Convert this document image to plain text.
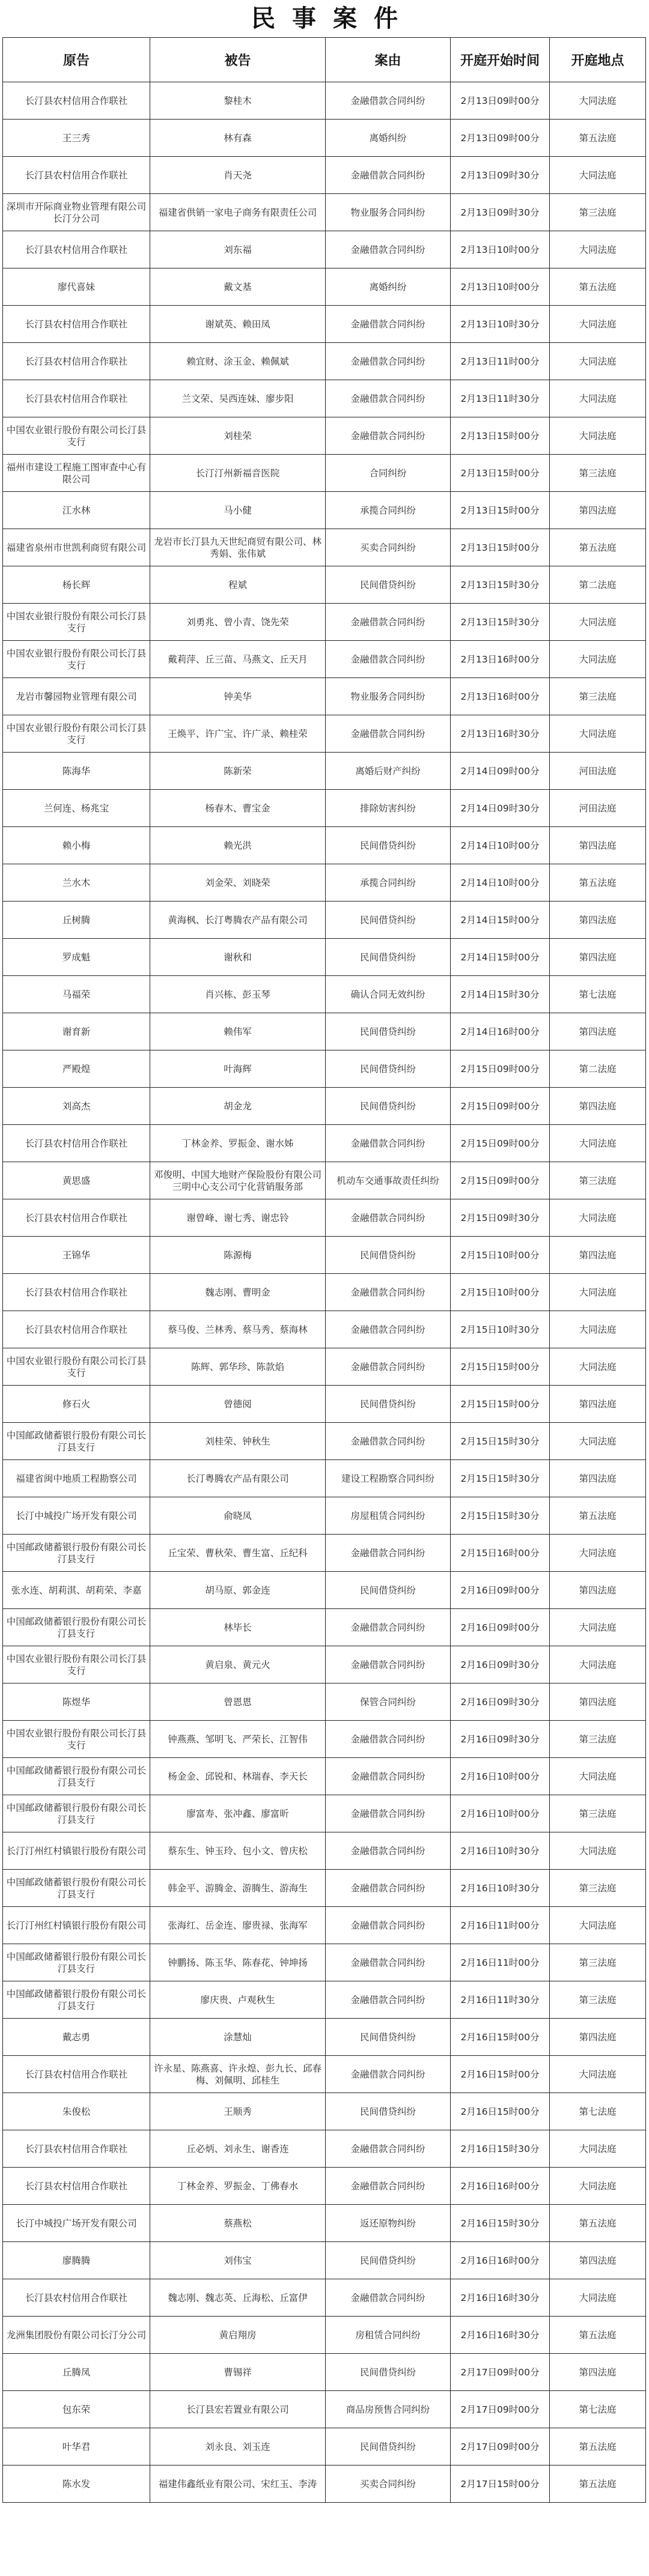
民事案件
原告	被告	案由	开庭开始时间	开庭地点
长汀县农村信用合作联社	黎桂木	金融借款合同纠纷	2月13日09时00分	大同法庭
王三秀	林有森	离婚纠纷	2月13日09时00分	第五法庭
长汀县农村信用合作联社	肖天尧	金融借款合同纠纷	2月13日09时30分	大同法庭
深圳市开际商业物业管理有限公司长汀分公司	福建省供销一家电子商务有限责任公司	物业服务合同纠纷	2月13日09时30分	第三法庭
长汀县农村信用合作联社	刘东福	金融借款合同纠纷	2月13日10时00分	大同法庭
廖代喜妹	戴文基	离婚纠纷	2月13日10时00分	第五法庭
长汀县农村信用合作联社	谢斌英、赖田凤	金融借款合同纠纷	2月13日10时30分	大同法庭
长汀县农村信用合作联社	赖宜财、涂玉金、赖佩斌	金融借款合同纠纷	2月13日11时00分	大同法庭
长汀县农村信用合作联社	兰文荣、吴西连妹、廖步阳	金融借款合同纠纷	2月13日11时30分	大同法庭
中国农业银行股份有限公司长汀县支行	刘桂荣	金融借款合同纠纷	2月13日15时00分	大同法庭
福州市建设工程施工图审查中心有限公司	长汀汀州新福音医院	合同纠纷	2月13日15时00分	第三法庭
江水林	马小健	承揽合同纠纷	2月13日15时00分	第四法庭
福建省泉州市世凯利商贸有限公司	龙岩市长汀县九天世纪商贸有限公司、林秀娟、张伟斌	买卖合同纠纷	2月13日15时00分	第五法庭
杨长辉	程斌	民间借贷纠纷	2月13日15时30分	第二法庭
中国农业银行股份有限公司长汀县支行	刘勇兆、曾小青、饶先荣	金融借款合同纠纷	2月13日15时30分	大同法庭
中国农业银行股份有限公司长汀县支行	戴莉萍、丘三苗、马燕文、丘天月	金融借款合同纠纷	2月13日16时00分	大同法庭
龙岩市馨园物业管理有限公司	钟美华	物业服务合同纠纷	2月13日16时00分	第三法庭
中国农业银行股份有限公司长汀县支行	王焕平、许广宝、许广录、赖桂荣	金融借款合同纠纷	2月13日16时30分	大同法庭
陈海华	陈新荣	离婚后财产纠纷	2月14日09时00分	河田法庭
兰何连、杨兆宝	杨春木、曹宝金	排除妨害纠纷	2月14日09时30分	河田法庭
赖小梅	赖光洪	民间借贷纠纷	2月14日10时00分	第四法庭
兰水木	刘金荣、刘晓荣	承揽合同纠纷	2月14日10时00分	第五法庭
丘树腾	黄海枫、长汀粤腾农产品有限公司	民间借贷纠纷	2月14日15时00分	第四法庭
罗成魁	谢秋和	民间借贷纠纷	2月14日15时00分	第四法庭
马福荣	肖兴栋、彭玉琴	确认合同无效纠纷	2月14日15时30分	第七法庭
谢育新	赖伟军	民间借贷纠纷	2月14日16时00分	第四法庭
严殿煌	叶海辉	民间借贷纠纷	2月15日09时00分	第二法庭
刘高杰	胡金龙	民间借贷纠纷	2月15日09时00分	第四法庭
长汀县农村信用合作联社	丁林金养、罗振金、谢水姊	金融借款合同纠纷	2月15日09时00分	大同法庭
黄思盛	邓俊明、中国大地财产保险股份有限公司三明中心支公司宁化营销服务部	机动车交通事故责任纠纷	2月15日09时00分	第三法庭
长汀县农村信用合作联社	谢曾峰、谢七秀、谢忠铃	金融借款合同纠纷	2月15日09时30分	大同法庭
王锦华	陈源梅	民间借贷纠纷	2月15日10时00分	第四法庭
长汀县农村信用合作联社	魏志刚、曹明金	金融借款合同纠纷	2月15日10时00分	大同法庭
长汀县农村信用合作联社	蔡马俊、兰林秀、蔡马秀、蔡海林	金融借款合同纠纷	2月15日10时30分	大同法庭
中国农业银行股份有限公司长汀县支行	陈辉、郭华珍、陈款焰	金融借款合同纠纷	2月15日15时00分	大同法庭
修石火	曾德阅	民间借贷纠纷	2月15日15时00分	第四法庭
中国邮政储蓄银行股份有限公司长汀县支行	刘桂荣、钟秋生	金融借款合同纠纷	2月15日15时30分	大同法庭
福建省闽中地质工程勘察公司	长汀粤腾农产品有限公司	建设工程勘察合同纠纷	2月15日15时30分	第四法庭
长汀中城投广场开发有限公司	俞晓凤	房屋租赁合同纠纷	2月15日15时30分	第五法庭
中国邮政储蓄银行股份有限公司长汀县支行	丘宝荣、曹秋荣、曹生富、丘纪科	金融借款合同纠纷	2月15日16时00分	大同法庭
张水连、胡莉淇、胡莉荣、李嘉	胡马原、郭金连	民间借贷纠纷	2月16日09时00分	第四法庭
中国邮政储蓄银行股份有限公司长汀县支行	林毕长	金融借款合同纠纷	2月16日09时00分	大同法庭
中国农业银行股份有限公司长汀县支行	黄启泉、黄元火	金融借款合同纠纷	2月16日09时30分	大同法庭
陈煜华	曾恩恩	保管合同纠纷	2月16日09时30分	第四法庭
中国农业银行股份有限公司长汀县支行	钟燕燕、邹明飞、严荣长、江智伟	金融借款合同纠纷	2月16日09时30分	第三法庭
中国邮政储蓄银行股份有限公司长汀县支行	杨金金、邱锐和、林瑞春、李天长	金融借款合同纠纷	2月16日10时00分	大同法庭
中国邮政储蓄银行股份有限公司长汀县支行	廖富寿、张冲鑫、廖富昕	金融借款合同纠纷	2月16日10时00分	第三法庭
长汀汀州红村镇银行股份有限公司	蔡东生、钟玉玲、包小文、曾庆松	金融借款合同纠纷	2月16日10时30分	大同法庭
中国邮政储蓄银行股份有限公司长汀县支行	韩金平、游腾金、游腾生、游海生	金融借款合同纠纷	2月16日10时30分	第三法庭
长汀汀州红村镇银行股份有限公司	张海红、岳金连、廖贵禄、张海军	金融借款合同纠纷	2月16日11时00分	大同法庭
中国邮政储蓄银行股份有限公司长汀县支行	钟鹏扬、陈玉华、陈春花、钟坤扬	金融借款合同纠纷	2月16日11时00分	第三法庭
中国邮政储蓄银行股份有限公司长汀县支行	廖庆贵、卢观秋生	金融借款合同纠纷	2月16日11时30分	第三法庭
戴志勇	涂慧灿	民间借贷纠纷	2月16日15时00分	第四法庭
长汀县农村信用合作联社	许永星、陈燕喜、许永煌、彭九长、邱春梅、刘佩明、邱桂生	金融借款合同纠纷	2月16日15时00分	大同法庭
朱俊松	王顺秀	民间借贷纠纷	2月16日15时00分	第七法庭
长汀县农村信用合作联社	丘必炳、刘永生、谢香连	金融借款合同纠纷	2月16日15时30分	大同法庭
长汀县农村信用合作联社	丁林金养、罗振金、丁佛春水	金融借款合同纠纷	2月16日16时00分	大同法庭
长汀中城投广场开发有限公司	蔡燕松	返还原物纠纷	2月16日15时30分	第五法庭
廖腾腾	刘伟宝	民间借贷纠纷	2月16日16时00分	第四法庭
长汀县农村信用合作联社	魏志刚、魏志英、丘海松、丘富伊	金融借款合同纠纷	2月16日16时30分	大同法庭
龙洲集团股份有限公司长汀分公司	黄启翔房	房租赁合同纠纷	2月16日16时30分	第五法庭
丘腾凤	曹锡祥	民间借贷纠纷	2月17日09时00分	第四法庭
包东荣	长汀县宏若置业有限公司	商品房预售合同纠纷	2月17日09时00分	第七法庭
叶华君	刘永良、刘玉连	民间借贷纠纷	2月17日09时00分	第五法庭
陈水发	福建伟鑫纸业有限公司、宋红玉、李涛	买卖合同纠纷	2月17日15时00分	第五法庭
